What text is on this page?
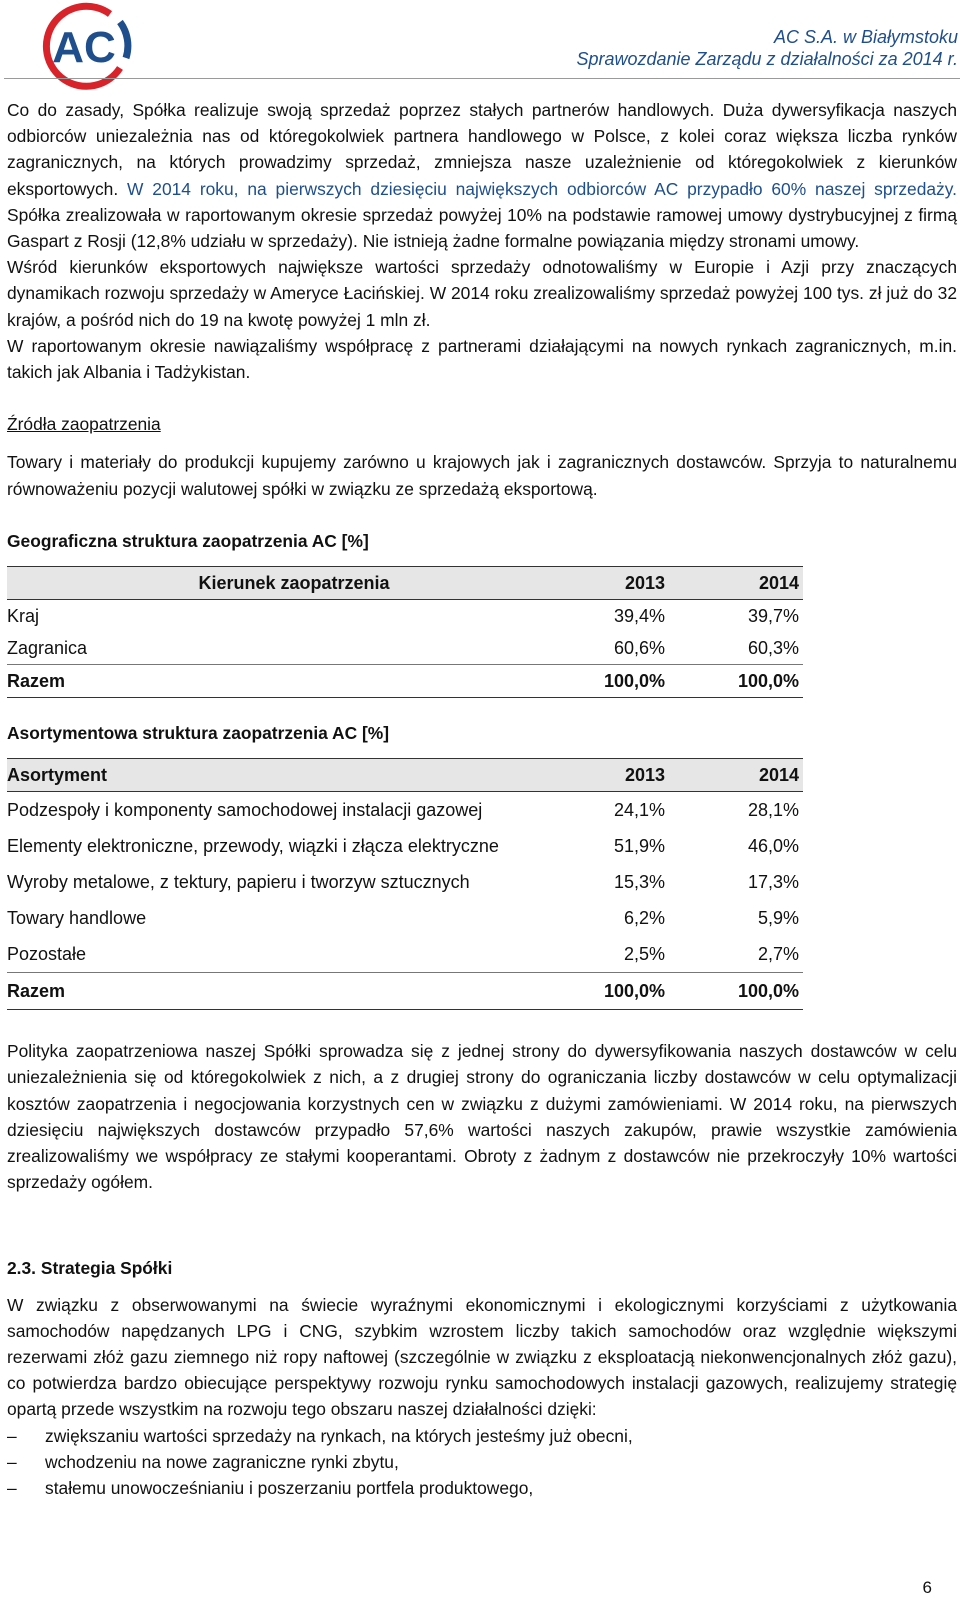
AC	AC S.A. w Białymstoku
Sprawozdanie Zarządu z działalności za 2014 r.

Co do zasady, Spółka realizuje swoją sprzedaż poprzez stałych partnerów handlowych. Duża dywersyfikacja naszych odbiorców uniezależnia nas od któregokolwiek partnera handlowego w Polsce, z kolei coraz większa liczba rynków zagranicznych, na których prowadzimy sprzedaż, zmniejsza nasze uzależnienie od któregokolwiek z kierunków eksportowych. W 2014 roku, na pierwszych dziesięciu największych odbiorców AC przypadło 60% naszej sprzedaży. Spółka zrealizowała w raportowanym okresie sprzedaż powyżej 10% na podstawie ramowej umowy dystrybucyjnej z firmą Gaspart z Rosji (12,8% udziału w sprzedaży). Nie istnieją żadne formalne powiązania między stronami umowy.

Wśród kierunków eksportowych największe wartości sprzedaży odnotowaliśmy w Europie i Azji przy znaczących dynamikach rozwoju sprzedaży w Ameryce Łacińskiej. W 2014 roku zrealizowaliśmy sprzedaż powyżej 100 tys. zł już do 32 krajów, a pośród nich do 19 na kwotę powyżej 1 mln zł.

W raportowanym okresie nawiązaliśmy współpracę z partnerami działającymi na nowych rynkach zagranicznych, m.in. takich jak Albania i Tadżykistan.

Źródła zaopatrzenia

Towary i materiały do produkcji kupujemy zarówno u krajowych jak i zagranicznych dostawców. Sprzyja to naturalnemu równoważeniu pozycji walutowej spółki w związku ze sprzedażą eksportową.

Geograficzna struktura zaopatrzenia AC [%]

Kierunek zaopatrzenia	2013	2014
Kraj	39,4%	39,7%
Zagranica	60,6%	60,3%
Razem	100,0%	100,0%

Asortymentowa struktura zaopatrzenia AC [%]

Asortyment	2013	2014
Podzespoły i komponenty samochodowej instalacji gazowej	24,1%	28,1%
Elementy elektroniczne, przewody, wiązki i złącza elektryczne	51,9%	46,0%
Wyroby metalowe, z tektury, papieru i tworzyw sztucznych	15,3%	17,3%
Towary handlowe	6,2%	5,9%
Pozostałe	2,5%	2,7%
Razem	100,0%	100,0%

Polityka zaopatrzeniowa naszej Spółki sprowadza się z jednej strony do dywersyfikowania naszych dostawców w celu uniezależnienia się od któregokolwiek z nich, a z drugiej strony do ograniczania liczby dostawców w celu optymalizacji kosztów zaopatrzenia i negocjowania korzystnych cen w związku z dużymi zamówieniami. W 2014 roku, na pierwszych dziesięciu największych dostawców przypadło 57,6% wartości naszych zakupów, prawie wszystkie zamówienia zrealizowaliśmy we współpracy ze stałymi kooperantami. Obroty z żadnym z dostawców nie przekroczyły 10% wartości sprzedaży ogółem.

2.3. Strategia Spółki

W związku z obserwowanymi na świecie wyraźnymi ekonomicznymi i ekologicznymi korzyściami z użytkowania samochodów napędzanych LPG i CNG, szybkim wzrostem liczby takich samochodów oraz względnie większymi rezerwami złóż gazu ziemnego niż ropy naftowej (szczególnie w związku z eksploatacją niekonwencjonalnych złóż gazu), co potwierdza bardzo obiecujące perspektywy rozwoju rynku samochodowych instalacji gazowych, realizujemy strategię opartą przede wszystkim na rozwoju tego obszaru naszej działalności dzięki:

– zwiększaniu wartości sprzedaży na rynkach, na których jesteśmy już obecni,
– wchodzeniu na nowe zagraniczne rynki zbytu,
– stałemu unowocześnianiu i poszerzaniu portfela produktowego,
6
